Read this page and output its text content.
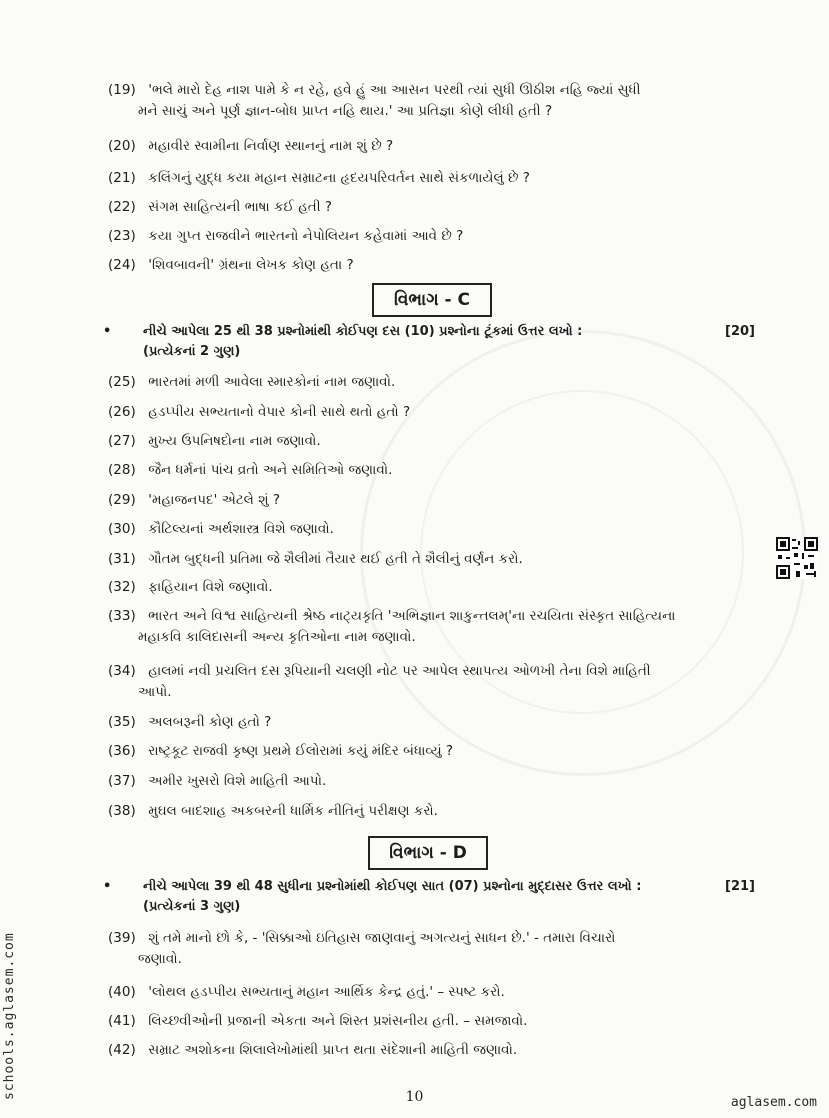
(19) 'ભલે મારો દેહ નાશ પામે કે ન રહે, હવે હું આ આસન પરથી ત્યાં સુધી ઊઠીશ નહિ જ્યાં સુધી
મને સાચું અને પૂર્ણ જ્ઞાન-બોધ પ્રાપ્ત નહિ થાય.' આ પ્રતિજ્ઞા કોણે લીધી હતી ?
(20) મહાવીર સ્વામીના નિર્વાણ સ્થાનનું નામ શું છે ?
(21) કલિંગનું યુદ્ધ કયા મહાન સમ્રાટના હૃદયપરિવર્તન સાથે સંકળાયેલું છે ?
(22) સંગમ સાહિત્યની ભાષા કઈ હતી ?
(23) કયા ગુપ્ત રાજવીને ભારતનો નેપોલિયન કહેવામાં આવે છે ?
(24) 'શિવબાવની' ગ્રંથના લેખક કોણ હતા ?
વિભાગ - C
•	નીચે આપેલા 25 થી 38 પ્રશ્નોમાંથી કોઈપણ દસ (10) પ્રશ્નોના ટૂંકમાં ઉત્તર લખો :
(પ્રત્યેકનાં 2 ગુણ)
[20]
(25) ભારતમાં મળી આવેલા સ્મારકોનાં નામ જણાવો.
(26) હડપ્પીય સભ્યતાનો વેપાર કોની સાથે થતો હતો ?
(27) મુખ્ય ઉપનિષદોના નામ જણાવો.
(28) જૈન ધર્મનાં પાંચ વ્રતો અને સમિતિઓ જણાવો.
(29) 'મહાજનપદ' એટલે શું ?
(30) કૌટિલ્યનાં અર્થશાસ્ત્ર વિશે જણાવો.
(31) ગૌતમ બુદ્ધની પ્રતિમા જે શૈલીમાં તૈયાર થઈ હતી તે શૈલીનું વર્ણન કરો.
(32) ફાહિયાન વિશે જણાવો.
(33) ભારત અને વિશ્વ સાહિત્યની શ્રેષ્ઠ નાટ્યકૃતિ 'અભિજ્ઞાન શાકુન્તલમ્'ના રચયિતા સંસ્કૃત સાહિત્યના
મહાકવિ કાલિદાસની અન્ય કૃતિઓના નામ જણાવો.
(34) હાલમાં નવી પ્રચલિત દસ રૂપિયાની ચલણી નોટ પર આપેલ સ્થાપત્ય ઓળખી તેના વિશે માહિતી
આપો.
(35) અલબરૂની કોણ હતો ?
(36) રાષ્ટ્રકૂટ રાજવી કૃષ્ણ પ્રથમે ઈલોરામાં કયું મંદિર બંધાવ્યું ?
(37) અમીર ખુસરો વિશે માહિતી આપો.
(38) મુઘલ બાદશાહ અકબરની ધાર્મિક નીતિનું પરીક્ષણ કરો.
વિભાગ - D
•	નીચે આપેલા 39 થી 48 સુધીના પ્રશ્નોમાંથી કોઈપણ સાત (07) પ્રશ્નોના મુદ્દાસર ઉત્તર લખો :
(પ્રત્યેકનાં 3 ગુણ)
[21]
(39) શું તમે માનો છો કે, - 'સિક્કાઓ ઇતિહાસ જાણવાનું અગત્યનું સાધન છે.' - તમારા વિચારો
જણાવો.
(40) 'લોથલ હડપ્પીય સભ્યતાનું મહાન આર્થિક કેન્દ્ર હતું.' – સ્પષ્ટ કરો.
(41) લિચ્છવીઓની પ્રજાની એકતા અને શિસ્ત પ્રશંસનીય હતી. – સમજાવો.
(42) સમ્રાટ અશોકના શિલાલેખોમાંથી પ્રાપ્ત થતા સંદેશાની માહિતી જણાવો.
10
schools.aglasem.com
aglasem.com
